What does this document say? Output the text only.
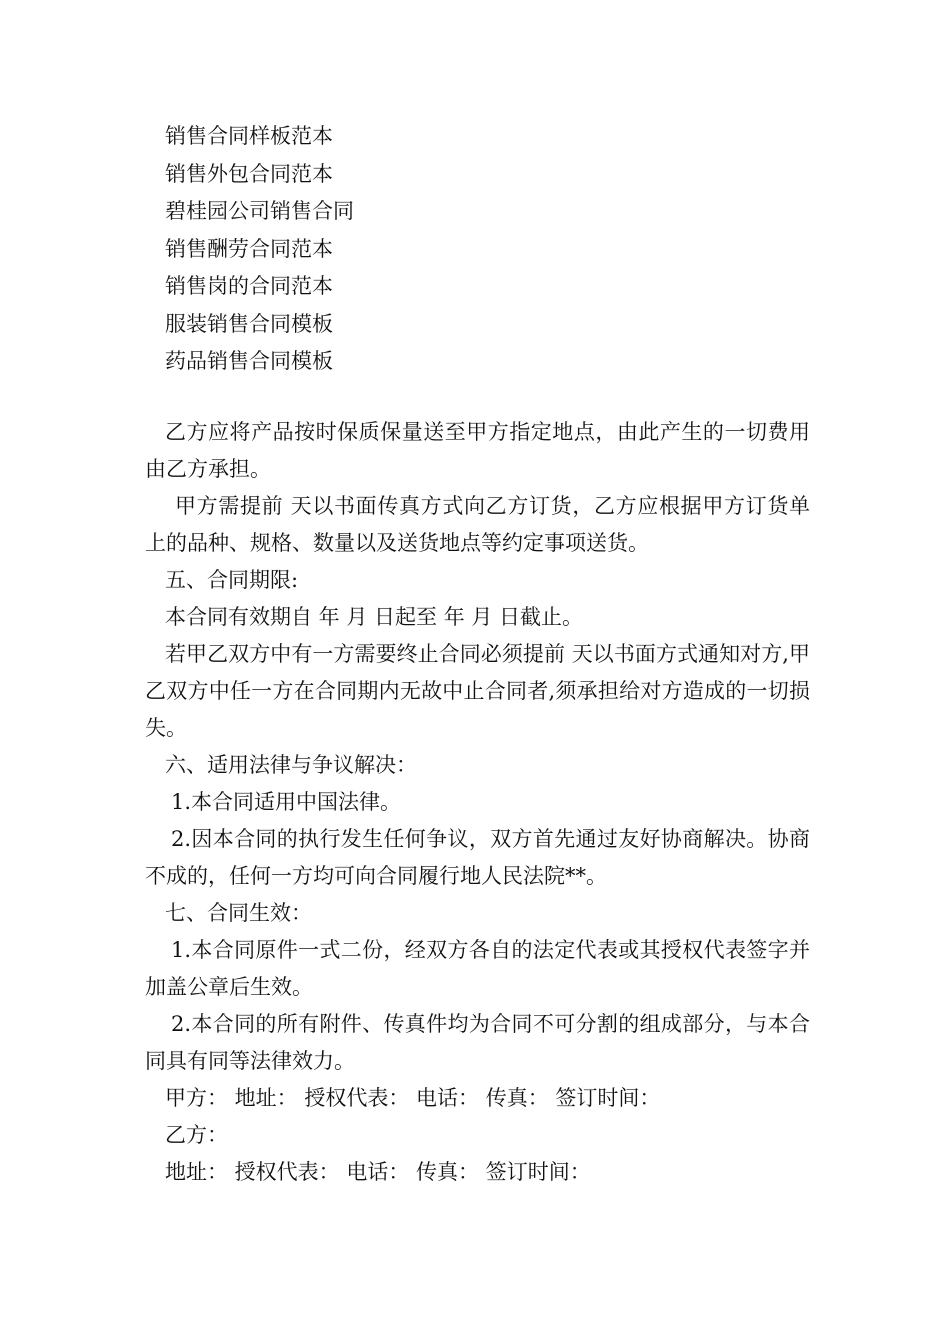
销售合同样板范本
销售外包合同范本
碧桂园公司销售合同
销售酬劳合同范本
销售岗的合同范本
服装销售合同模板
药品销售合同模板

乙方应将产品按时保质保量送至甲方指定地点，由此产生的一切费用由乙方承担。

甲方需提前 天以书面传真方式向乙方订货，乙方应根据甲方订货单上的品种、规格、数量以及送货地点等约定事项送货。

五、合同期限:

本合同有效期自 年 月 日起至 年 月 日截止。

若甲乙双方中有一方需要终止合同必须提前 天以书面方式通知对方,甲乙双方中任一方在合同期内无故中止合同者,须承担给对方造成的一切损失。

六、适用法律与争议解决：

1.本合同适用中国法律。

2.因本合同的执行发生任何争议，双方首先通过友好协商解决。协商不成的，任何一方均可向合同履行地人民法院**。

七、合同生效：

1.本合同原件一式二份，经双方各自的法定代表或其授权代表签字并加盖公章后生效。

2.本合同的所有附件、传真件均为合同不可分割的组成部分，与本合同具有同等法律效力。

甲方： 地址： 授权代表： 电话： 传真： 签订时间：

乙方：

地址： 授权代表： 电话： 传真： 签订时间：
